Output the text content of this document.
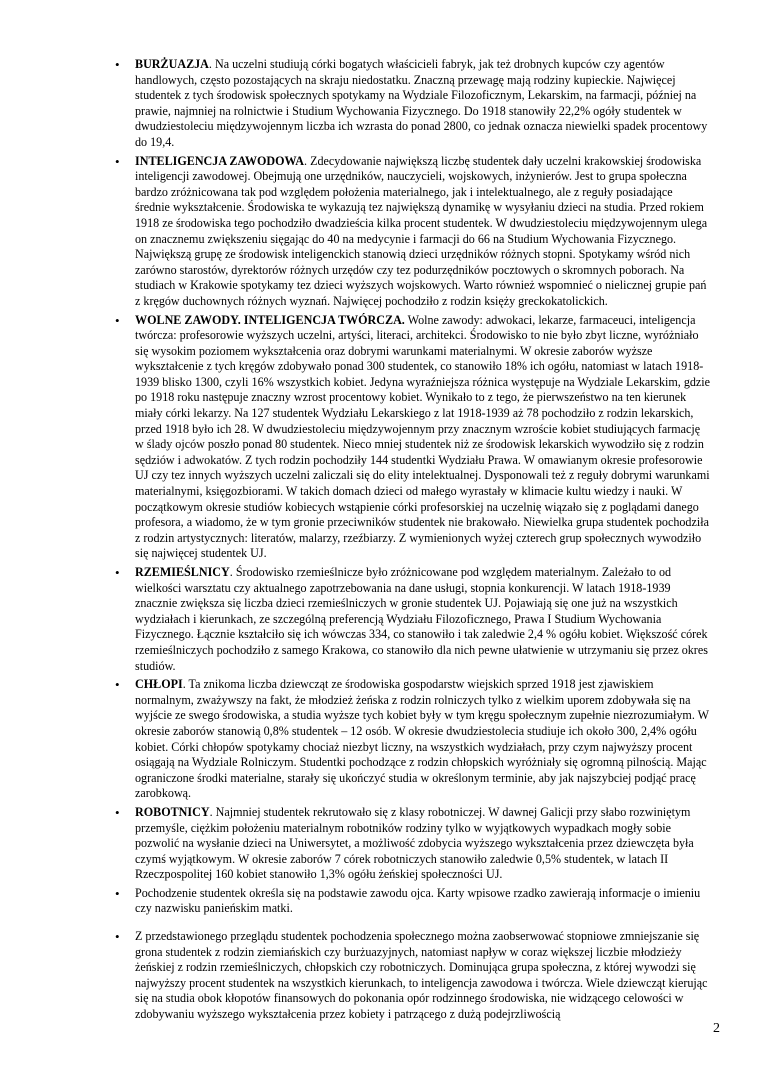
•	BURŻUAZJA. Na uczelni studiują córki bogatych właścicieli fabryk, jak też drobnych kupców czy agentów handlowych, często pozostających na skraju niedostatku. Znaczną przewagę mają rodziny kupieckie. Najwięcej studentek z tych środowisk społecznych spotykamy na Wydziale Filozoficznym, Lekarskim, na farmacji, później na prawie, najmniej na rolnictwie i Studium Wychowania Fizycznego. Do 1918 stanowiły 22,2% ogóły studentek w dwudziestoleciu międzywojennym liczba ich wzrasta do ponad 2800, co jednak oznacza niewielki spadek procentowy do 19,4.
•	INTELIGENCJA ZAWODOWA. Zdecydowanie największą liczbę studentek dały uczelni krakowskiej środowiska inteligencji zawodowej. Obejmują one urzędników, nauczycieli, wojskowych, inżynierów. Jest to grupa społeczna bardzo zróżnicowana tak pod względem położenia materialnego, jak i intelektualnego, ale z reguły posiadające średnie wykształcenie. Środowiska te wykazują tez największą dynamikę w wysyłaniu dzieci na studia. Przed rokiem 1918 ze środowiska tego pochodziło dwadzieścia kilka procent studentek. W dwudziestoleciu międzywojennym ulega on znacznemu zwiększeniu sięgając do 40 na medycynie i farmacji do 66 na Studium Wychowania Fizycznego. Największą grupę ze środowisk inteligenckich stanowią dzieci urzędników różnych stopni. Spotykamy wśród nich zarówno starostów, dyrektorów różnych urzędów czy tez podurzędników pocztowych o skromnych poborach. Na studiach w Krakowie spotykamy tez dzieci wyższych wojskowych. Warto również wspomnieć o nielicznej grupie pań z kręgów duchownych różnych wyznań. Najwięcej pochodziło z rodzin księży greckokatolickich.
•	WOLNE ZAWODY. INTELIGENCJA TWÓRCZA. Wolne zawody: adwokaci, lekarze, farmaceuci, inteligencja twórcza: profesorowie wyższych uczelni, artyści, literaci, architekci. Środowisko to nie było zbyt liczne, wyróżniało się wysokim poziomem wykształcenia oraz dobrymi warunkami materialnymi. W okresie zaborów wyższe wykształcenie z tych kręgów zdobywało ponad 300 studentek, co stanowiło 18% ich ogółu, natomiast w latach 1918-1939 blisko 1300, czyli 16% wszystkich kobiet. Jedyna wyraźniejsza różnica występuje na Wydziale Lekarskim, gdzie po 1918 roku następuje znaczny wzrost procentowy kobiet. Wynikało to z tego, że pierwszeństwo na ten kierunek miały córki lekarzy. Na 127 studentek Wydziału Lekarskiego z lat 1918-1939 aż 78 pochodziło z rodzin lekarskich, przed 1918 było ich 28. W dwudziestoleciu międzywojennym przy znacznym wzroście kobiet studiujących farmację w ślady ojców poszło ponad 80 studentek. Nieco mniej studentek niż ze środowisk lekarskich wywodziło się z rodzin sędziów i adwokatów. Z tych rodzin pochodziły 144 studentki Wydziału Prawa. W omawianym okresie profesorowie UJ czy tez innych wyższych uczelni zaliczali się do elity intelektualnej. Dysponowali też z reguły dobrymi warunkami materialnymi, księgozbiorami. W takich domach dzieci od małego wyrastały w klimacie kultu wiedzy i nauki. W początkowym okresie studiów kobiecych wstąpienie córki profesorskiej na uczelnię wiązało się z poglądami danego profesora, a wiadomo, że w tym gronie przeciwników studentek nie brakowało. Niewielka grupa studentek pochodziła z rodzin artystycznych: literatów, malarzy, rzeźbiarzy. Z wymienionych wyżej czterech grup społecznych wywodziło się najwięcej studentek UJ.
•	RZEMIEŚLNICY. Środowisko rzemieślnicze było zróżnicowane pod względem materialnym. Zależało to od wielkości warsztatu czy aktualnego zapotrzebowania na dane usługi, stopnia konkurencji. W latach 1918-1939 znacznie zwiększa się liczba dzieci rzemieślniczych w gronie studentek UJ. Pojawiają się one już na wszystkich wydziałach i kierunkach, ze szczególną preferencją Wydziału Filozoficznego, Prawa I Studium Wychowania Fizycznego. Łącznie kształciło się ich wówczas 334, co stanowiło i tak zaledwie 2,4 % ogółu kobiet. Większość córek rzemieślniczych pochodziło z samego Krakowa, co stanowiło dla nich pewne ułatwienie w utrzymaniu się przez okres studiów.
•	CHŁOPI. Ta znikoma liczba dziewcząt ze środowiska gospodarstw wiejskich sprzed 1918 jest zjawiskiem normalnym, zważywszy na fakt, że młodzież żeńska z rodzin rolniczych tylko z wielkim uporem zdobywała się na wyjście ze swego środowiska, a studia wyższe tych kobiet były w tym kręgu społecznym zupełnie niezrozumiałym. W okresie zaborów stanowią 0,8% studentek – 12 osób. W okresie dwudziestolecia studiuje ich około 300, 2,4% ogółu kobiet. Córki chłopów spotykamy chociaż niezbyt liczny, na wszystkich wydziałach, przy czym najwyższy procent osiągają na Wydziale Rolniczym. Studentki pochodzące z rodzin chłopskich wyróżniały się ogromną pilnością. Mając ograniczone środki materialne, starały się ukończyć studia w określonym terminie, aby jak najszybciej podjąć pracę zarobkową.
•	ROBOTNICY. Najmniej studentek rekrutowało się z klasy robotniczej. W dawnej Galicji przy słabo rozwiniętym przemyśle, ciężkim położeniu materialnym robotników rodziny tylko w wyjątkowych wypadkach mogły sobie pozwolić na wysłanie dzieci na Uniwersytet, a możliwość zdobycia wyższego wykształcenia przez dziewczęta była czymś wyjątkowym. W okresie zaborów 7 córek robotniczych stanowiło zaledwie 0,5% studentek, w latach II Rzeczpospolitej 160 kobiet stanowiło 1,3% ogółu żeńskiej społeczności UJ.
•	Pochodzenie studentek określa się na podstawie zawodu ojca. Karty wpisowe rzadko zawierają informacje o imieniu czy nazwisku panieńskim matki.
•	Z przedstawionego przeglądu studentek pochodzenia społecznego można zaobserwować stopniowe zmniejszanie się grona studentek z rodzin ziemiańskich czy burżuazyjnych, natomiast napływ w coraz większej liczbie młodzieży żeńskiej z rodzin rzemieślniczych, chłopskich czy robotniczych. Dominująca grupa społeczna, z której wywodzi się najwyższy procent studentek na wszystkich kierunkach, to inteligencja zawodowa i twórcza. Wiele dziewcząt kierując się na studia obok kłopotów finansowych do pokonania opór rodzinnego środowiska, nie widzącego celowości w zdobywaniu wyższego wykształcenia przez kobiety i patrzącego z dużą podejrzliwością
2
